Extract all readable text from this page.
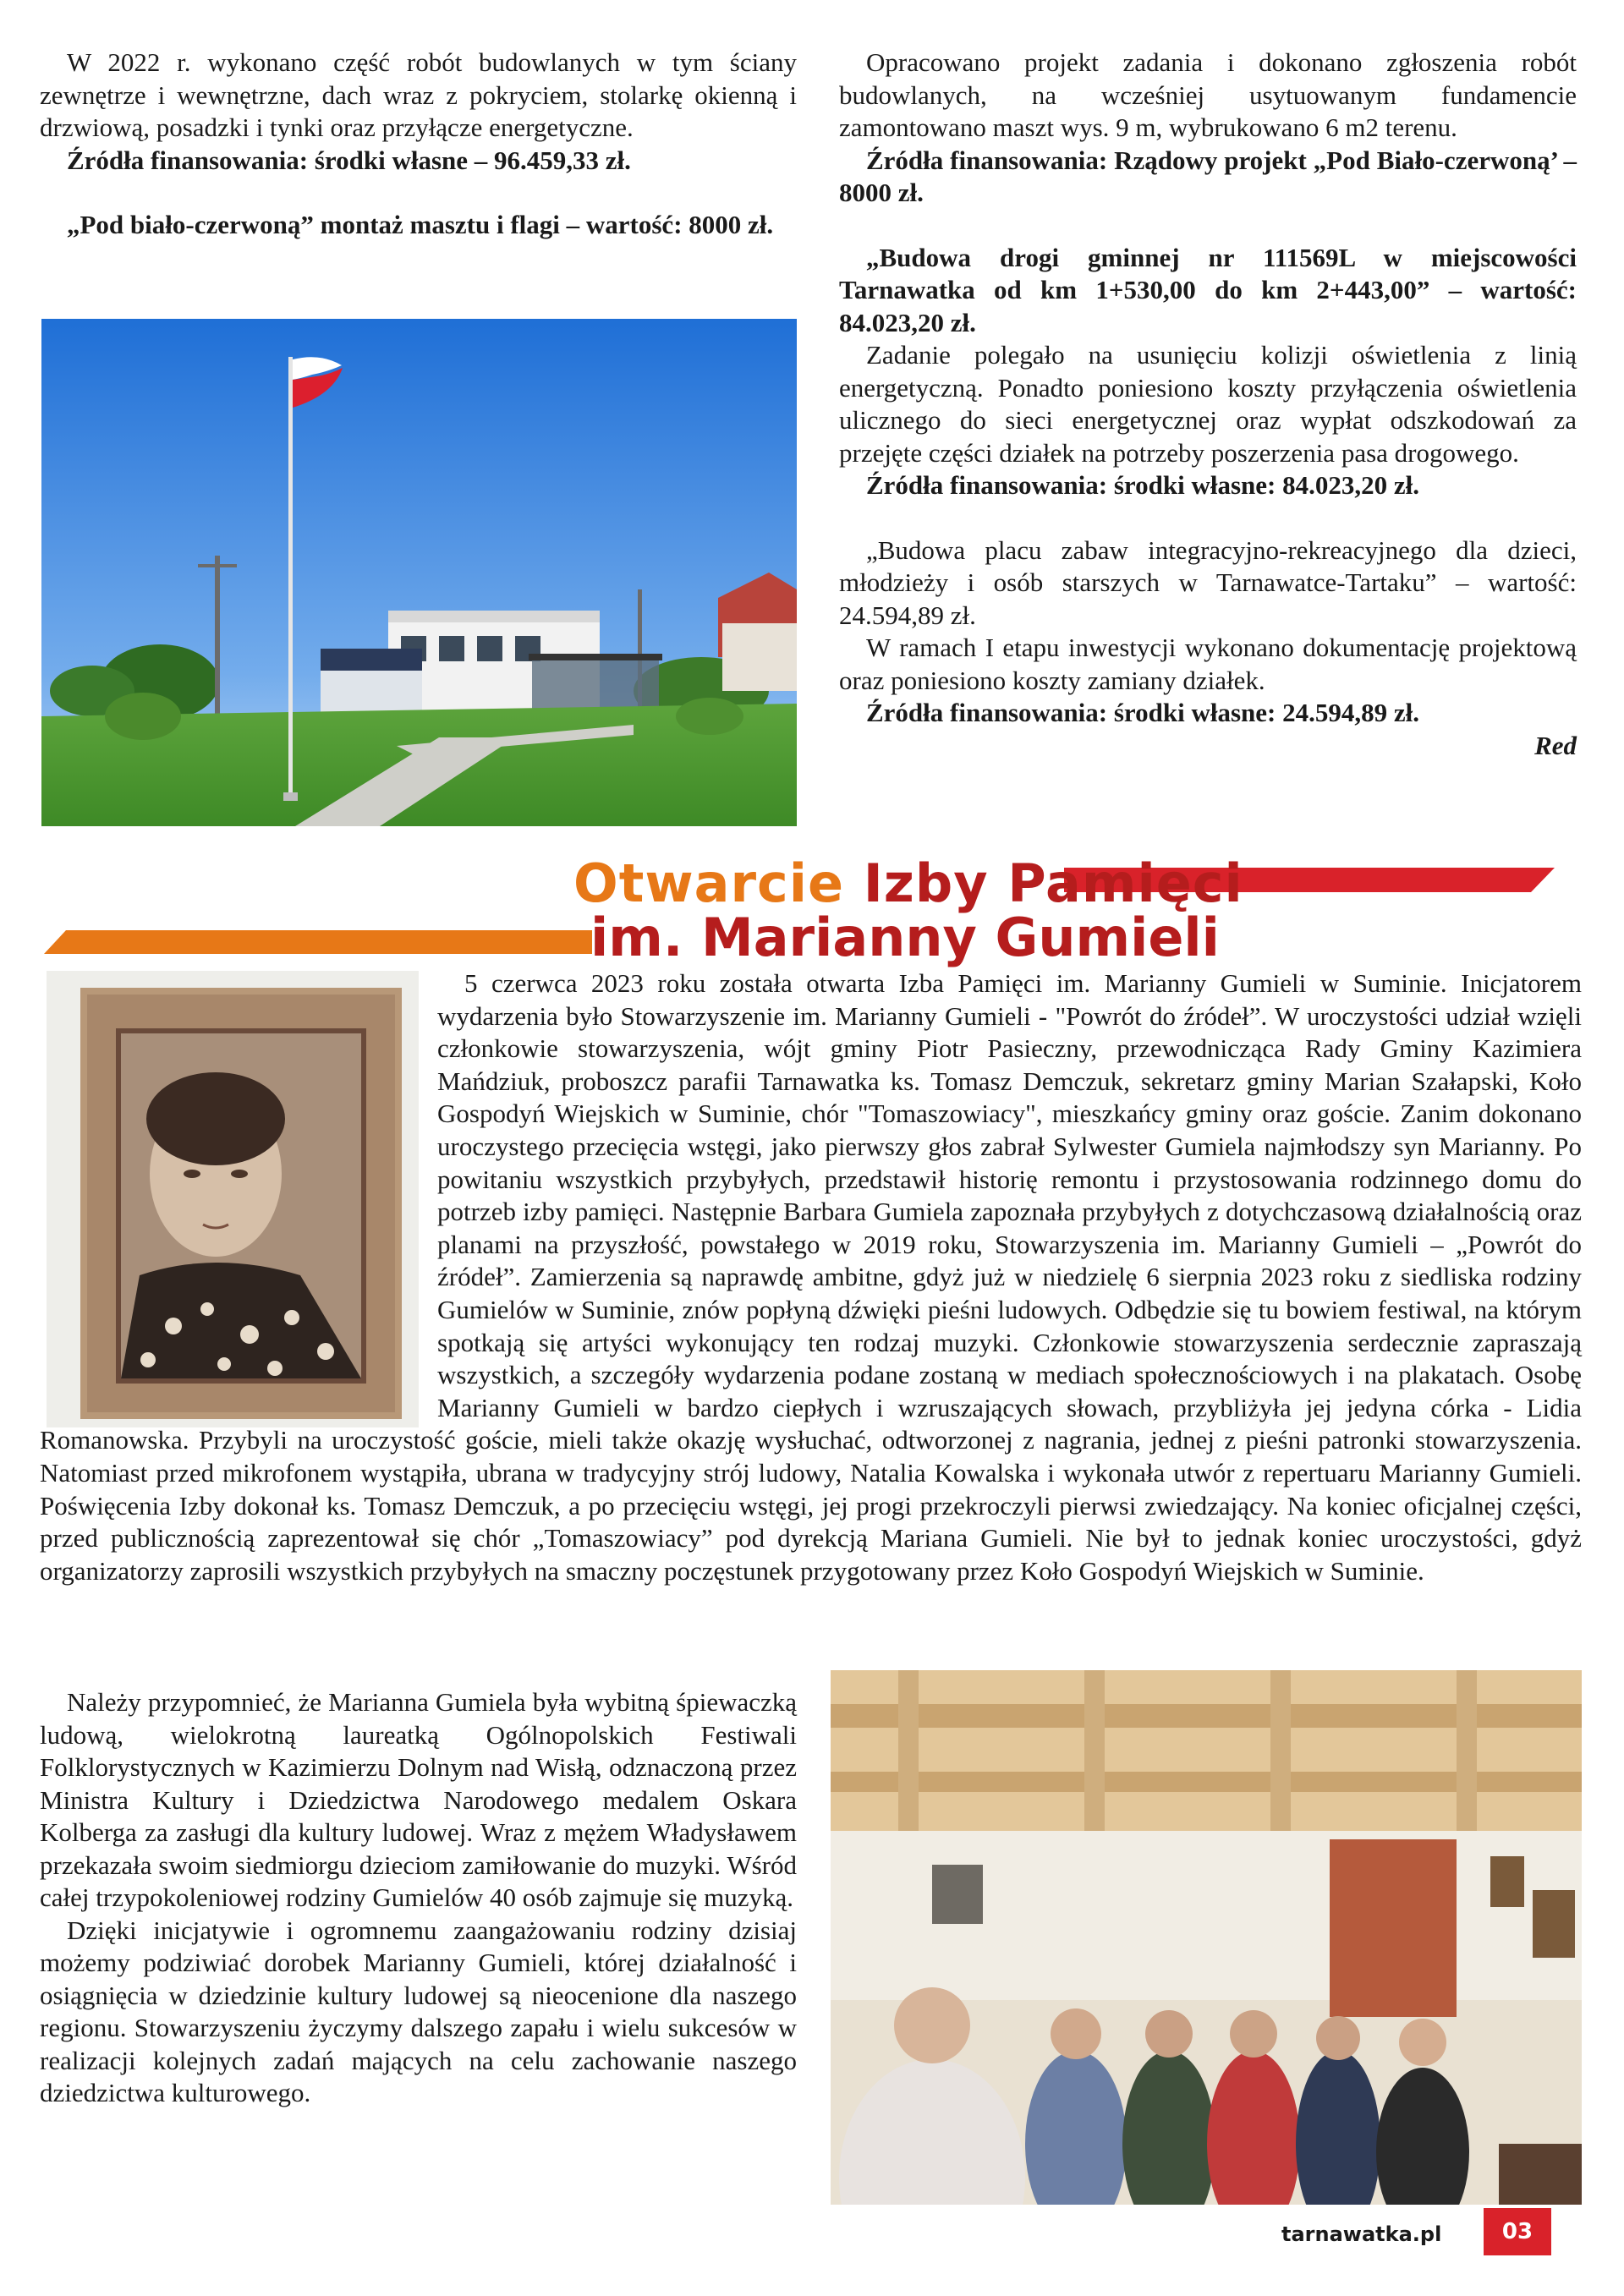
W 2022 r. wykonano część robót budowlanych w tym ściany zewnętrze i wewnętrzne, dach wraz z pokryciem, stolarkę okienną i drzwiową, posadzki i tynki oraz przyłącze energetyczne.

Źródła finansowania: środki własne – 96.459,33 zł.

„Pod biało-czerwoną” montaż masztu i flagi – wartość: 8000 zł.

Opracowano projekt zadania i dokonano zgłoszenia robót budowlanych, na wcześniej usytuowanym fundamencie zamontowano maszt wys. 9 m, wybrukowano 6 m2 terenu.

Źródła finansowania: Rządowy projekt „Pod Biało-czerwoną’ – 8000 zł.

„Budowa drogi gminnej nr 111569L w miejscowości Tarnawatka od km 1+530,00 do km 2+443,00” – wartość: 84.023,20 zł.

Zadanie polegało na usunięciu kolizji oświetlenia z linią energetyczną. Ponadto poniesiono koszty przyłączenia oświetlenia ulicznego do sieci energetycznej oraz wypłat odszkodowań za przejęte części działek na potrzeby poszerzenia pasa drogowego.

Źródła finansowania: środki własne: 84.023,20 zł.

„Budowa placu zabaw integracyjno-rekreacyjnego dla dzieci, młodzieży i osób starszych w Tarnawatce-Tartaku” – wartość: 24.594,89 zł.

W ramach I etapu inwestycji wykonano dokumentację projektową oraz poniesiono koszty zamiany działek.

Źródła finansowania: środki własne: 24.594,89 zł.

Red

Otwarcie Izby Pamięci
im. Marianny Gumieli

5 czerwca 2023 roku została otwarta Izba Pamięci im. Marianny Gumieli w Suminie. Inicjatorem wydarzenia było Stowarzyszenie im. Marianny Gumieli - "Powrót do źródeł”. W uroczystości udział wzięli członkowie stowarzyszenia, wójt gminy Piotr Pasieczny, przewodnicząca Rady Gminy Kazimiera Mańdziuk, proboszcz parafii Tarnawatka ks. Tomasz Demczuk, sekretarz gminy Marian Szałapski, Koło Gospodyń Wiejskich w Suminie, chór "Tomaszowiacy", mieszkańcy gminy oraz goście. Zanim dokonano uroczystego przecięcia wstęgi, jako pierwszy głos zabrał Sylwester Gumiela najmłodszy syn Marianny. Po powitaniu wszystkich przybyłych, przedstawił historię remontu i przystosowania rodzinnego domu do potrzeb izby pamięci. Następnie Barbara Gumiela zapoznała przybyłych z dotychczasową działalnością oraz planami na przyszłość, powstałego w 2019 roku, Stowarzyszenia im. Marianny Gumieli – „Powrót do źródeł”. Zamierzenia są naprawdę ambitne, gdyż już w niedzielę 6 sierpnia 2023 roku z siedliska rodziny Gumielów w Suminie, znów popłyną dźwięki pieśni ludowych. Odbędzie się tu bowiem festiwal, na którym spotkają się artyści wykonujący ten rodzaj muzyki. Członkowie stowarzyszenia serdecznie zapraszają wszystkich, a szczegóły wydarzenia podane zostaną w mediach społecznościowych i na plakatach. Osobę Marianny Gumieli w bardzo ciepłych i wzruszających słowach, przybliżyła jej jedyna córka - Lidia Romanowska. Przybyli na uroczystość goście, mieli także okazję wysłuchać, odtworzonej z nagrania, jednej z pieśni patronki stowarzyszenia. Natomiast przed mikrofonem wystąpiła, ubrana w tradycyjny strój ludowy, Natalia Kowalska i wykonała utwór z repertuaru Marianny Gumieli. Poświęcenia Izby dokonał ks. Tomasz Demczuk, a po przecięciu wstęgi, jej progi przekroczyli pierwsi zwiedzający. Na koniec oficjalnej części, przed publicznością zaprezentował się chór „Tomaszowiacy” pod dyrekcją Mariana Gumieli. Nie był to jednak koniec uroczystości, gdyż organizatorzy zaprosili wszystkich przybyłych na smaczny poczęstunek przygotowany przez Koło Gospodyń Wiejskich w Suminie.

Należy przypomnieć, że Marianna Gumiela była wybitną śpiewaczką ludową, wielokrotną laureatką Ogólnopolskich Festiwali Folklorystycznych w Kazimierzu Dolnym nad Wisłą, odznaczoną przez Ministra Kultury i Dziedzictwa Narodowego medalem Oskara Kolberga za zasługi dla kultury ludowej. Wraz z mężem Władysławem przekazała swoim siedmiorgu dzieciom zamiłowanie do muzyki. Wśród całej trzypokoleniowej rodziny Gumielów 40 osób zajmuje się muzyką.

Dzięki inicjatywie i ogromnemu zaangażowaniu rodziny dzisiaj możemy podziwiać dorobek Marianny Gumieli, której działalność i osiągnięcia w dziedzinie kultury ludowej są nieocenione dla naszego regionu. Stowarzyszeniu życzymy dalszego zapału i wielu sukcesów w realizacji kolejnych zadań mających na celu zachowanie naszego dziedzictwa kulturowego.

tarnawatka.pl	03
